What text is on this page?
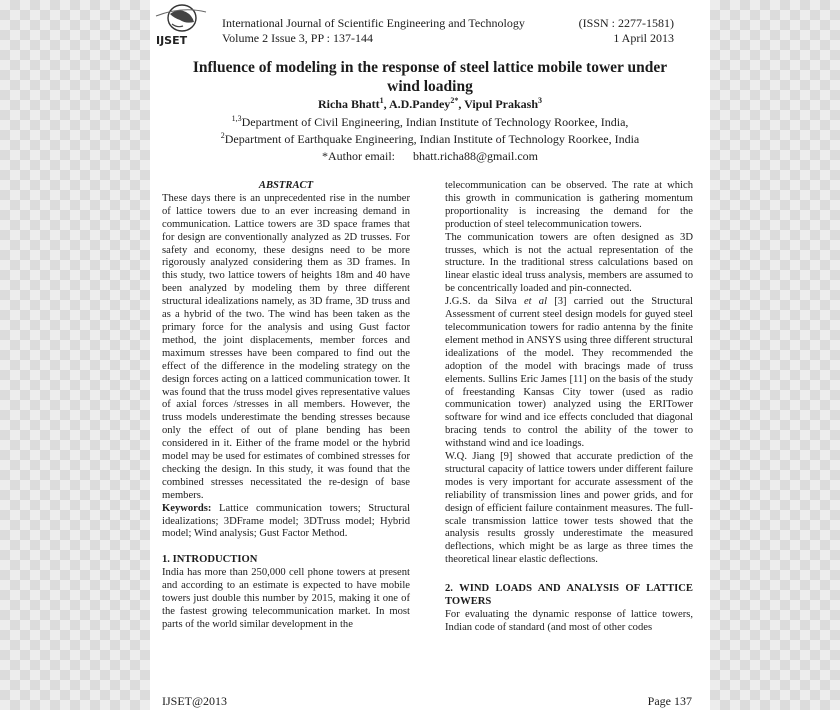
IJSET
International Journal of Scientific Engineering and Technology
Volume 2 Issue 3, PP : 137-144
(ISSN : 2277-1581)
1 April 2013
Influence of modeling in the response of steel lattice mobile tower under
wind loading
Richa Bhatt$^1$, A.D.Pandey$^{2*}$, Vipul Prakash$^3$
$^{1,3}$Department of Civil Engineering, Indian Institute of Technology Roorkee, India,
$^2$Department of Earthquake Engineering, Indian Institute of Technology Roorkee, India
*Author email: bhatt.richa88@gmail.com

ABSTRACT

These days there is an unprecedented rise in the number of lattice towers due to an ever increasing demand in communication. Lattice towers are 3D space frames that for design are conventionally analyzed as 2D trusses. For safety and economy, these designs need to be more rigorously analyzed considering them as 3D frames. In this study, two lattice towers of heights 18m and 40 have been analyzed by modeling them by three different structural idealizations namely, as 3D frame, 3D truss and as a hybrid of the two. The wind has been taken as the primary force for the analysis and using Gust factor method, the joint displacements, member forces and maximum stresses have been compared to find out the effect of the difference in the modeling strategy on the design forces acting on a latticed communication tower. It was found that the truss model gives representative values of axial forces /stresses in all members. However, the truss models underestimate the bending stresses because only the effect of out of plane bending has been considered in it. Either of the frame model or the hybrid model may be used for estimates of combined stresses for checking the design. In this study, it was found that the combined stresses necessitated the re-design of base members.

Keywords: Lattice communication towers; Structural idealizations; 3DFrame model; 3DTruss model; Hybrid model; Wind analysis; Gust Factor Method.

1. INTRODUCTION

India has more than 250,000 cell phone towers at present and according to an estimate is expected to have mobile towers just double this number by 2015, making it one of the fastest growing telecommunication market. In most parts of the world similar development in the

telecommunication can be observed. The rate at which this growth in communication is gathering momentum proportionality is increasing the demand for the production of steel telecommunication towers.

The communication towers are often designed as 3D trusses, which is not the actual representation of the structure. In the traditional stress calculations based on linear elastic ideal truss analysis, members are assumed to be concentrically loaded and pin-connected.

J.G.S. da Silva et al [3] carried out the Structural Assessment of current steel design models for guyed steel telecommunication towers for radio antenna by the finite element method in ANSYS using three different structural idealizations of the model. They recommended the adoption of the model with bracings made of truss elements. Sullins Eric James [11] on the basis of the study of freestanding Kansas City tower (used as radio communication tower) analyzed using the ERITower software for wind and ice effects concluded that diagonal bracing tends to control the ability of the tower to withstand wind and ice loadings.

W.Q. Jiang [9] showed that accurate prediction of the structural capacity of lattice towers under different failure modes is very important for accurate assessment of the reliability of transmission lines and power grids, and for design of efficient failure containment measures. The full-scale transmission lattice tower tests showed that the analysis results grossly underestimate the measured deflections, which might be as large as three times the theoretical linear elastic deflections.

2. WIND LOADS AND ANALYSIS OF LATTICE TOWERS

For evaluating the dynamic response of lattice towers, Indian code of standard (and most of other codes

IJSET@2013	Page 137
